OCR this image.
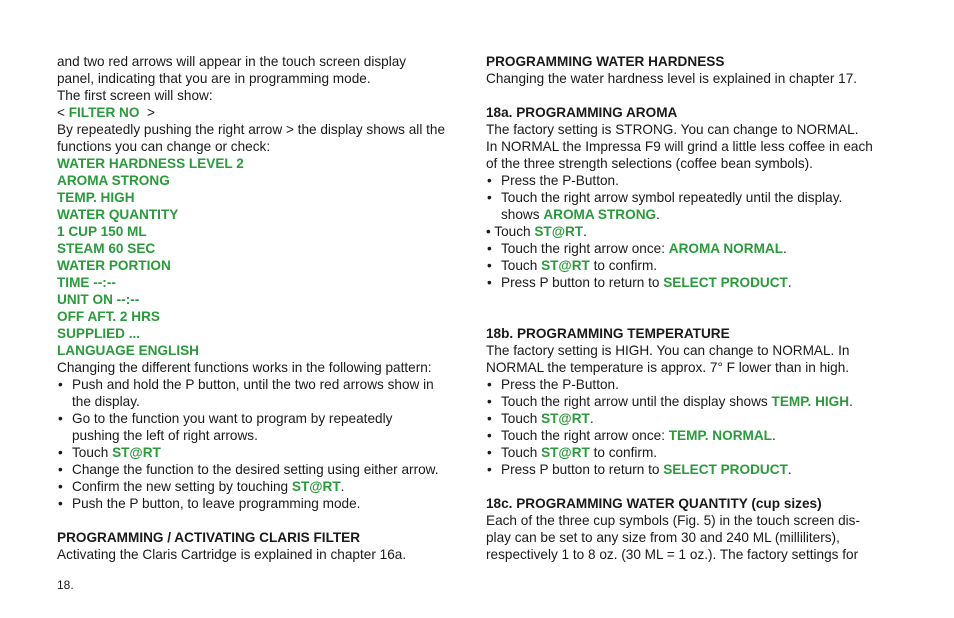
and two red arrows will appear in the touch screen display

panel, indicating that you are in programming mode.

The first screen will show:

< FILTER NO  >

By repeatedly pushing the right arrow > the display shows all the

functions you can change or check:

WATER HARDNESS LEVEL 2

AROMA STRONG

TEMP. HIGH

WATER QUANTITY

1 CUP 150 ML

STEAM 60 SEC

WATER PORTION

TIME --:--

UNIT ON --:--

OFF AFT. 2 HRS

SUPPLIED ...

LANGUAGE ENGLISH

Changing the different functions works in the following pattern:

• Push and hold the P button, until the two red arrows show in

the display.

• Go to the function you want to program by repeatedly

pushing the left of right arrows.

• Touch ST@RT

• Change the function to the desired setting using either arrow.

• Confirm the new setting by touching ST@RT.

• Push the P button, to leave programming mode.

PROGRAMMING / ACTIVATING CLARIS FILTER

Activating the Claris Cartridge is explained in chapter 16a.

PROGRAMMING WATER HARDNESS

Changing the water hardness level is explained in chapter 17.

18a. PROGRAMMING AROMA

The factory setting is STRONG. You can change to NORMAL.

In NORMAL the Impressa F9 will grind a little less coffee in each

of the three strength selections (coffee bean symbols).

• Press the P-Button.

• Touch the right arrow symbol repeatedly until the display.

shows AROMA STRONG.

• Touch ST@RT.

• Touch the right arrow once: AROMA NORMAL.

• Touch ST@RT to confirm.

• Press P button to return to SELECT PRODUCT.

18b. PROGRAMMING TEMPERATURE

The factory setting is HIGH. You can change to NORMAL. In

NORMAL the temperature is approx. 7° F lower than in high.

• Press the P-Button.

• Touch the right arrow until the display shows TEMP. HIGH.

• Touch ST@RT.

• Touch the right arrow once: TEMP. NORMAL.

• Touch ST@RT to confirm.

• Press P button to return to SELECT PRODUCT.

18c. PROGRAMMING WATER QUANTITY (cup sizes)

Each of the three cup symbols (Fig. 5) in the touch screen dis-

play can be set to any size from 30 and 240 ML (milliliters),

respectively 1 to 8 oz. (30 ML = 1 oz.). The factory settings for

18.
